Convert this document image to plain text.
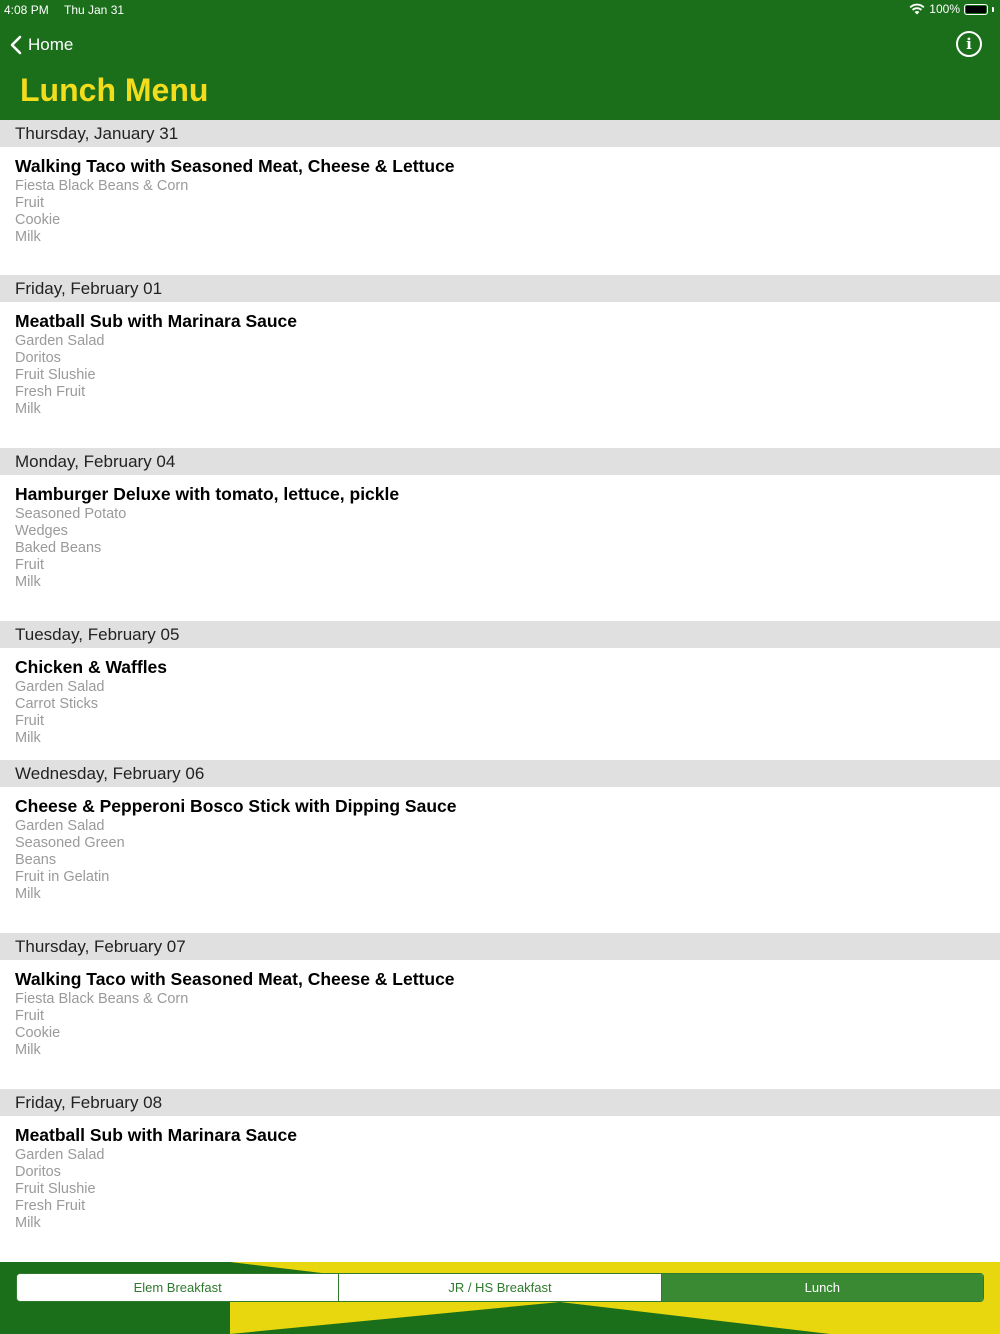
4:08 PM Thu Jan 31	100%
Home	i
Lunch Menu
Thursday, January 31
Walking Taco with Seasoned Meat, Cheese & Lettuce
Fiesta Black Beans & Corn
Fruit
Cookie
Milk
Friday, February 01
Meatball Sub with Marinara Sauce
Garden Salad
Doritos
Fruit Slushie
Fresh Fruit
Milk
Monday, February 04
Hamburger Deluxe with tomato, lettuce, pickle
Seasoned Potato
Wedges
Baked Beans
Fruit
Milk
Tuesday, February 05
Chicken & Waffles
Garden Salad
Carrot Sticks
Fruit
Milk
Wednesday, February 06
Cheese & Pepperoni Bosco Stick with Dipping Sauce
Garden Salad
Seasoned Green
Beans
Fruit in Gelatin
Milk
Thursday, February 07
Walking Taco with Seasoned Meat, Cheese & Lettuce
Fiesta Black Beans & Corn
Fruit
Cookie
Milk
Friday, February 08
Meatball Sub with Marinara Sauce
Garden Salad
Doritos
Fruit Slushie
Fresh Fruit
Milk
Elem Breakfast	JR / HS Breakfast	Lunch
